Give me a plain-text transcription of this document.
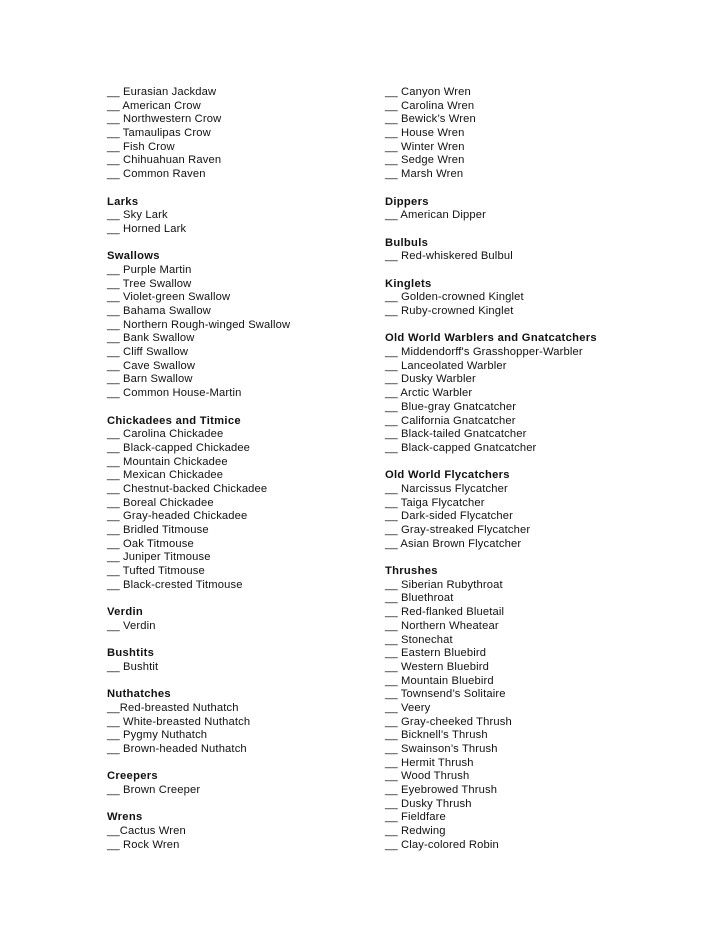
__ Eurasian Jackdaw
__ American Crow
__ Northwestern Crow
__ Tamaulipas Crow
__ Fish Crow
__ Chihuahuan Raven
__ Common Raven
Larks
__ Sky Lark
__ Horned Lark
Swallows
__ Purple Martin
__ Tree Swallow
__ Violet-green Swallow
__ Bahama Swallow
__ Northern Rough-winged Swallow
__ Bank Swallow
__ Cliff Swallow
__ Cave Swallow
__ Barn Swallow
__ Common House-Martin
Chickadees and Titmice
__ Carolina Chickadee
__ Black-capped Chickadee
__ Mountain Chickadee
__ Mexican Chickadee
__ Chestnut-backed Chickadee
__ Boreal Chickadee
__ Gray-headed Chickadee
__ Bridled Titmouse
__ Oak Titmouse
__ Juniper Titmouse
__ Tufted Titmouse
__ Black-crested Titmouse
Verdin
__ Verdin
Bushtits
__ Bushtit
Nuthatches
__Red-breasted Nuthatch
__ White-breasted Nuthatch
__ Pygmy Nuthatch
__ Brown-headed Nuthatch
Creepers
__ Brown Creeper
Wrens
__Cactus Wren
__ Rock Wren
__ Canyon Wren
__ Carolina Wren
__ Bewick’s Wren
__ House Wren
__ Winter Wren
__ Sedge Wren
__ Marsh Wren
Dippers
__ American Dipper
Bulbuls
__ Red-whiskered Bulbul
Kinglets
__ Golden-crowned Kinglet
__ Ruby-crowned Kinglet
Old World Warblers and Gnatcatchers
__ Middendorff's Grasshopper-Warbler
__ Lanceolated Warbler
__ Dusky Warbler
__ Arctic Warbler
__ Blue-gray Gnatcatcher
__ California Gnatcatcher
__ Black-tailed Gnatcatcher
__ Black-capped Gnatcatcher
Old World Flycatchers
__ Narcissus Flycatcher
__ Taiga Flycatcher
__ Dark-sided Flycatcher
__ Gray-streaked Flycatcher
__ Asian Brown Flycatcher
Thrushes
__ Siberian Rubythroat
__ Bluethroat
__ Red-flanked Bluetail
__ Northern Wheatear
__ Stonechat
__ Eastern Bluebird
__ Western Bluebird
__ Mountain Bluebird
__ Townsend’s Solitaire
__ Veery
__ Gray-cheeked Thrush
__ Bicknell’s Thrush
__ Swainson’s Thrush
__ Hermit Thrush
__ Wood Thrush
__ Eyebrowed Thrush
__ Dusky Thrush
__ Fieldfare
__ Redwing
__ Clay-colored Robin
